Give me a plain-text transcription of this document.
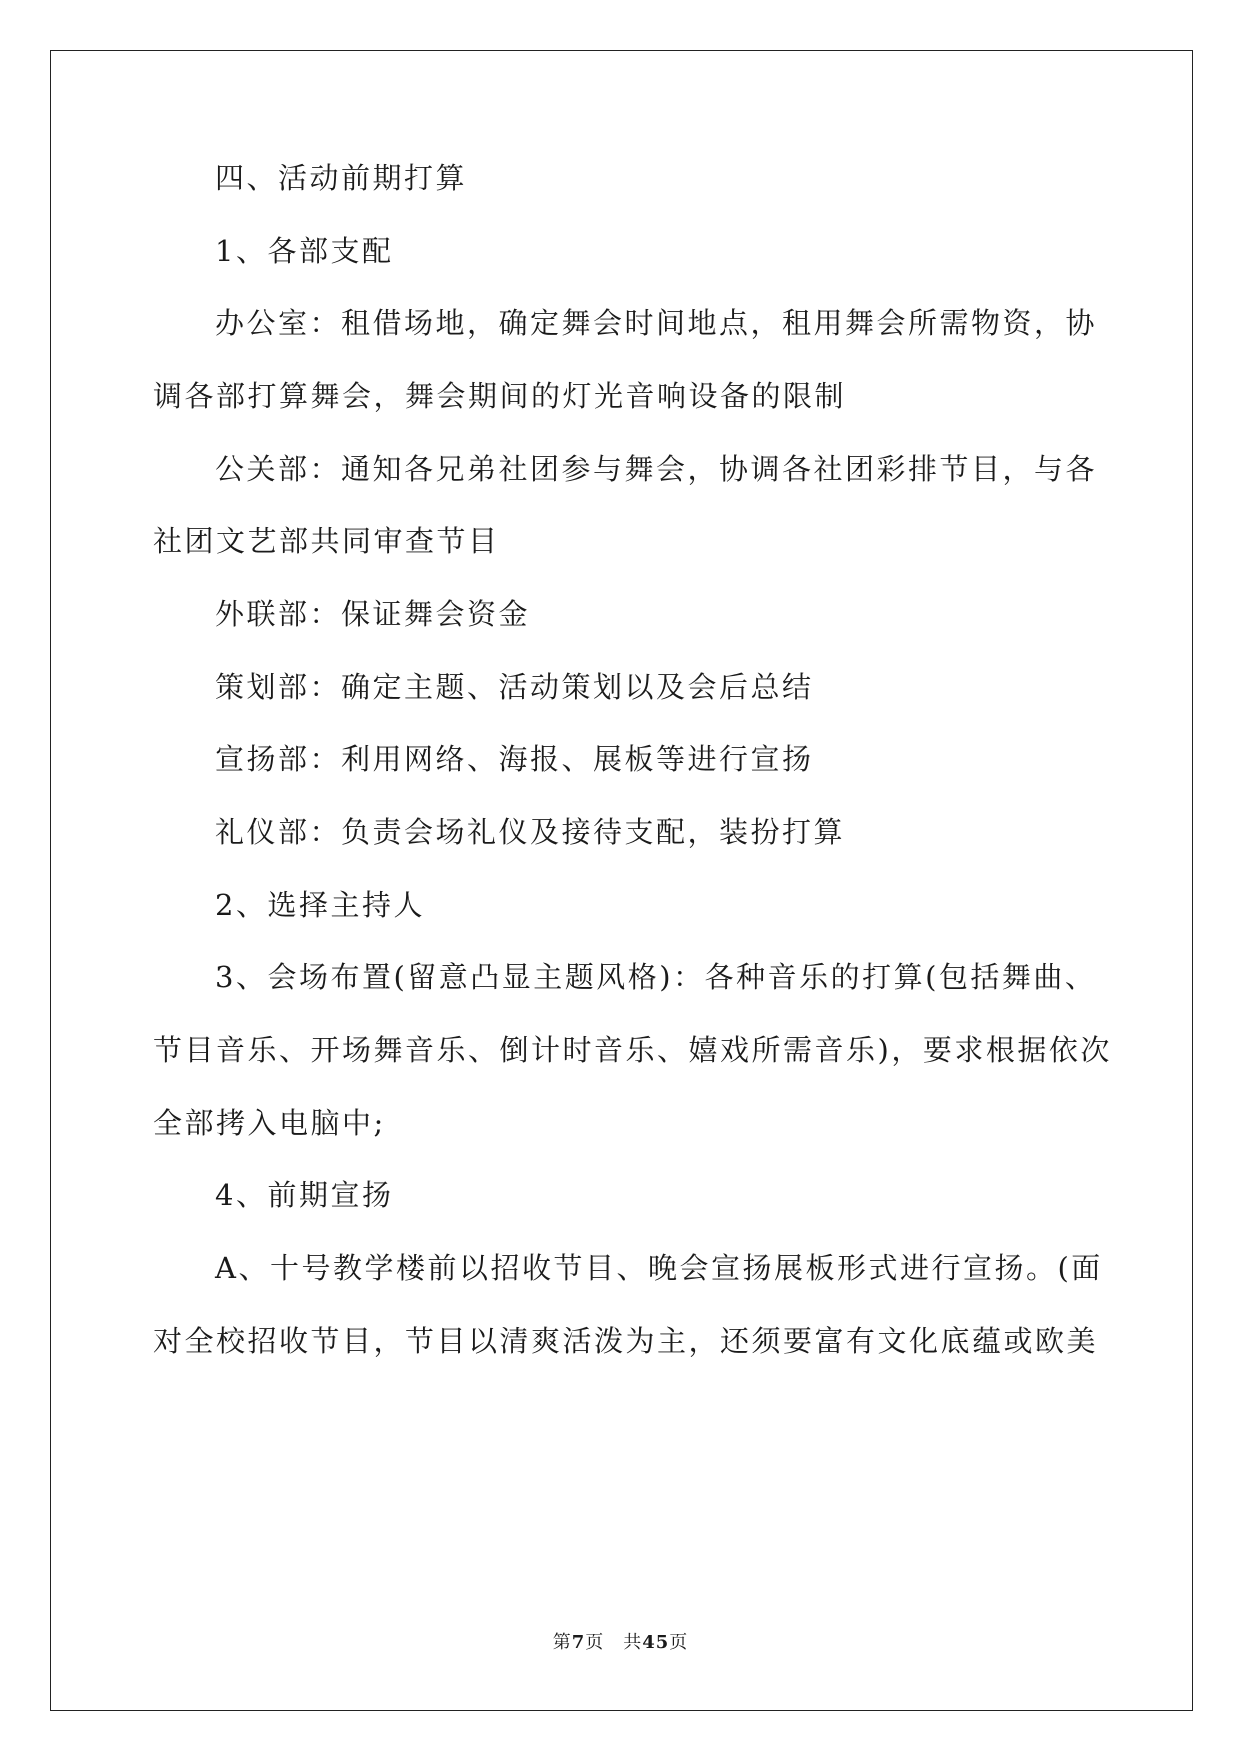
四、活动前期打算
1、各部支配
办公室：租借场地，确定舞会时间地点，租用舞会所需物资，协
调各部打算舞会，舞会期间的灯光音响设备的限制
公关部：通知各兄弟社团参与舞会，协调各社团彩排节目，与各
社团文艺部共同审查节目
外联部：保证舞会资金
策划部：确定主题、活动策划以及会后总结
宣扬部：利用网络、海报、展板等进行宣扬
礼仪部：负责会场礼仪及接待支配，装扮打算
2、选择主持人
3、会场布置(留意凸显主题风格)：各种音乐的打算(包括舞曲、
节目音乐、开场舞音乐、倒计时音乐、嬉戏所需音乐)，要求根据依次
全部拷入电脑中;
4、前期宣扬
A、十号教学楼前以招收节目、晚会宣扬展板形式进行宣扬。(面
对全校招收节目，节目以清爽活泼为主，还须要富有文化底蕴或欧美
第7页　共45页
